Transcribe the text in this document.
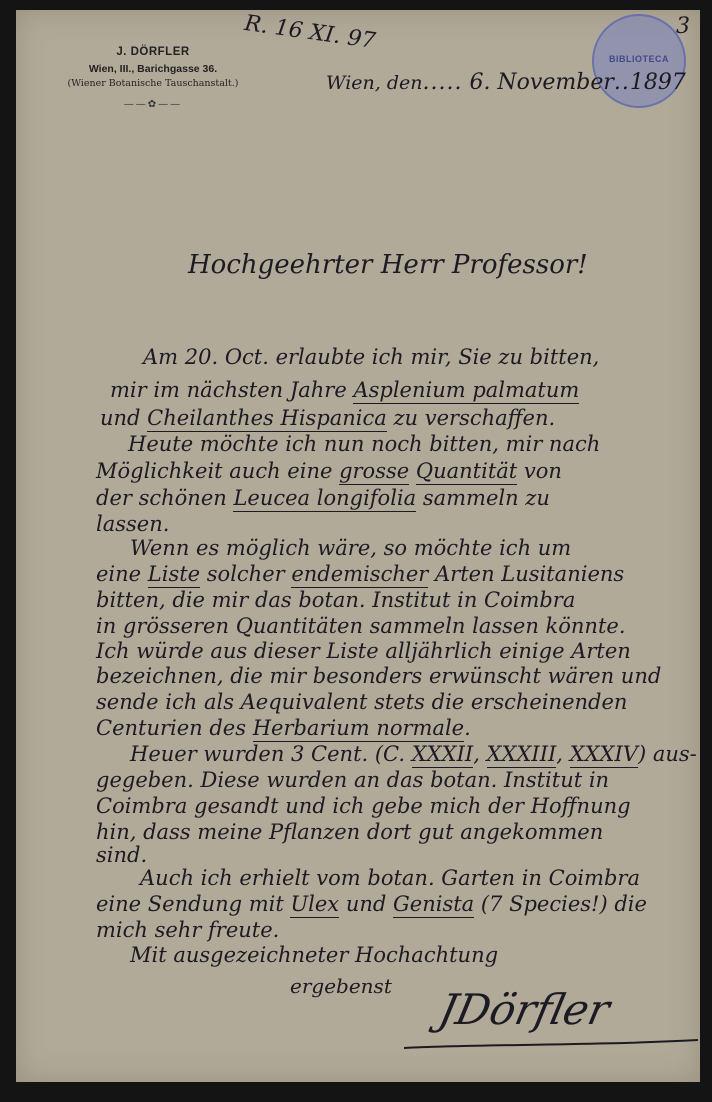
J. DÖRFLER
Wien, III., Barichgasse 36.
(Wiener Botanische Tauschanstalt.)
——✿——
R. 16 XI. 97
BIBLIOTECA
3
Wien, den..... 6. November..1897
Hochgeehrter Herr Professor!
Am 20. Oct. erlaubte ich mir, Sie zu bitten,
mir im nächsten Jahre Asplenium palmatum
und Cheilanthes Hispanica zu verschaffen.
Heute möchte ich nun noch bitten, mir nach
Möglichkeit auch eine grosse Quantität von
der schönen Leucea longifolia sammeln zu
lassen.
Wenn es möglich wäre, so möchte ich um
eine Liste solcher endemischer Arten Lusitaniens
bitten, die mir das botan. Institut in Coimbra
in grösseren Quantitäten sammeln lassen könnte.
Ich würde aus dieser Liste alljährlich einige Arten
bezeichnen, die mir besonders erwünscht wären und
sende ich als Aequivalent stets die erscheinenden
Centurien des Herbarium normale.
Heuer wurden 3 Cent. (C. XXXII, XXXIII, XXXIV) aus-
gegeben. Diese wurden an das botan. Institut in
Coimbra gesandt und ich gebe mich der Hoffnung
hin, dass meine Pflanzen dort gut angekommen
sind.
Auch ich erhielt vom botan. Garten in Coimbra
eine Sendung mit Ulex und Genista (7 Species!) die
mich sehr freute.
Mit ausgezeichneter Hochachtung
ergebenst JDörfler
